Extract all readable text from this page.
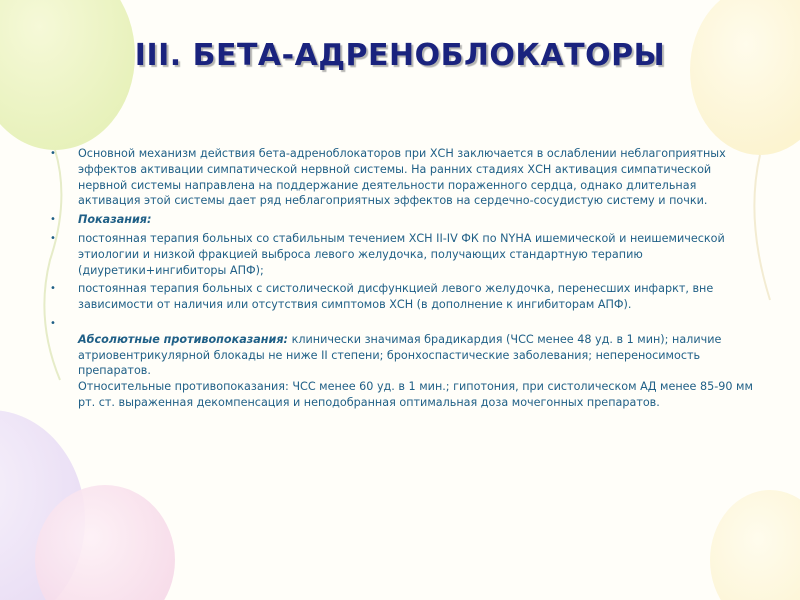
III. БЕТА-АДРЕНОБЛОКАТОРЫ
• Основной механизм действия бета-адреноблокаторов при ХСН заключается в ослаблении неблагоприятных эффектов активации симпатической нервной системы. На ранних стадиях ХСН активация симпатической нервной системы направлена на поддержание деятельности пораженного сердца, однако длительная активация этой системы дает ряд неблагоприятных эффектов на сердечно-сосудистую систему и почки.
• Показания:
• постоянная терапия больных со стабильным течением ХСН II-IV ФК по NYHA ишемической и неишемической этиологии и низкой фракцией выброса левого желудочка, получающих стандартную терапию (диуретики+ингибиторы АПФ);
• постоянная терапия больных с систолической дисфункцией левого желудочка, перенесших инфаркт, вне зависимости от наличия или отсутствия симптомов ХСН (в дополнение к ингибиторам АПФ).
•
Абсолютные противопоказания: клинически значимая брадикардия (ЧСС менее 48 уд. в 1 мин); наличие атриовентрикулярной блокады не ниже II степени; бронхоспастические заболевания; непереносимость препаратов.
Относительные противопоказания: ЧСС менее 60 уд. в 1 мин.; гипотония, при систолическом АД менее 85-90 мм рт. ст. выраженная декомпенсация и неподобранная оптимальная доза мочегонных препаратов.
